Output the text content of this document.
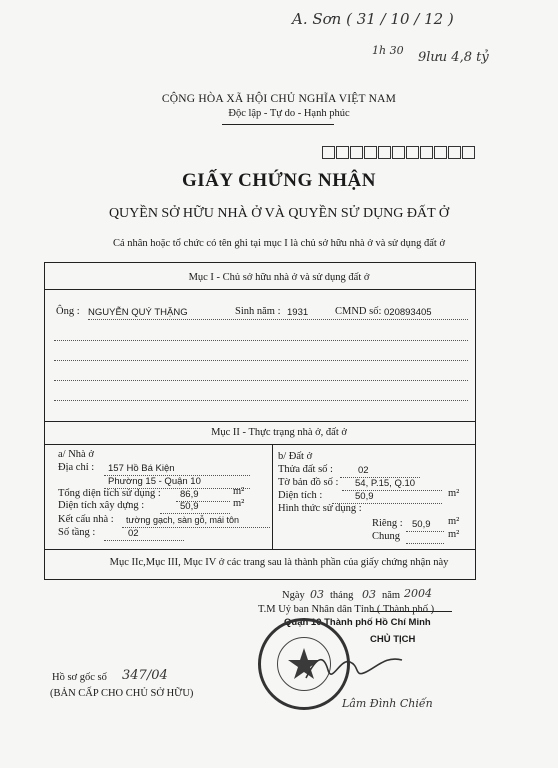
A. Sơn ( 31 / 10 / 12 )
1h 30 9lưu 4,8 tỷ
CỘNG HÒA XÃ HỘI CHỦ NGHĨA VIỆT NAM
Độc lập - Tự do - Hạnh phúc
GIẤY CHỨNG NHẬN
QUYỀN SỞ HỮU NHÀ Ở VÀ QUYỀN SỬ DỤNG ĐẤT Ở
Cá nhân hoặc tổ chức có tên ghi tại mục I là chủ sở hữu nhà ở và sử dụng đất ở
Mục I - Chủ sở hữu nhà ở và sử dụng đất ở
Ông : NGUYỄN QUÝ THẶNG	Sinh năm : 1931	CMND số: 020893405
Mục II - Thực trạng nhà ở, đất ở
a/ Nhà ở
Địa chỉ : 157 Hồ Bá Kiện
Phường 15 - Quận 10
Tổng diện tích sử dụng : 86,9	m²
Diện tích xây dựng :	50,9	m²
Kết cấu nhà : tường gạch, sàn gỗ, mái tôn
Số tầng :	02
b/ Đất ở
Thửa đất số :	02
Tờ bản đồ số : 54, P.15, Q.10
Diện tích :	50,9	m²
Hình thức sử dụng :
Riêng : 50,9 m²
Chung	m²
Mục IIc,Mục III, Mục IV ở các trang sau là thành phần của giấy chứng nhận này
Ngày 03 tháng 03 năm 2004
T.M Uỷ ban Nhân dân Tỉnh ( Thành phố )
Quận 10 Thành phố Hồ Chí Minh
CHỦ TỊCH
Lâm Đình Chiến
Hồ sơ gốc số 347/04
(BẢN CẤP CHO CHỦ SỞ HỮU)
